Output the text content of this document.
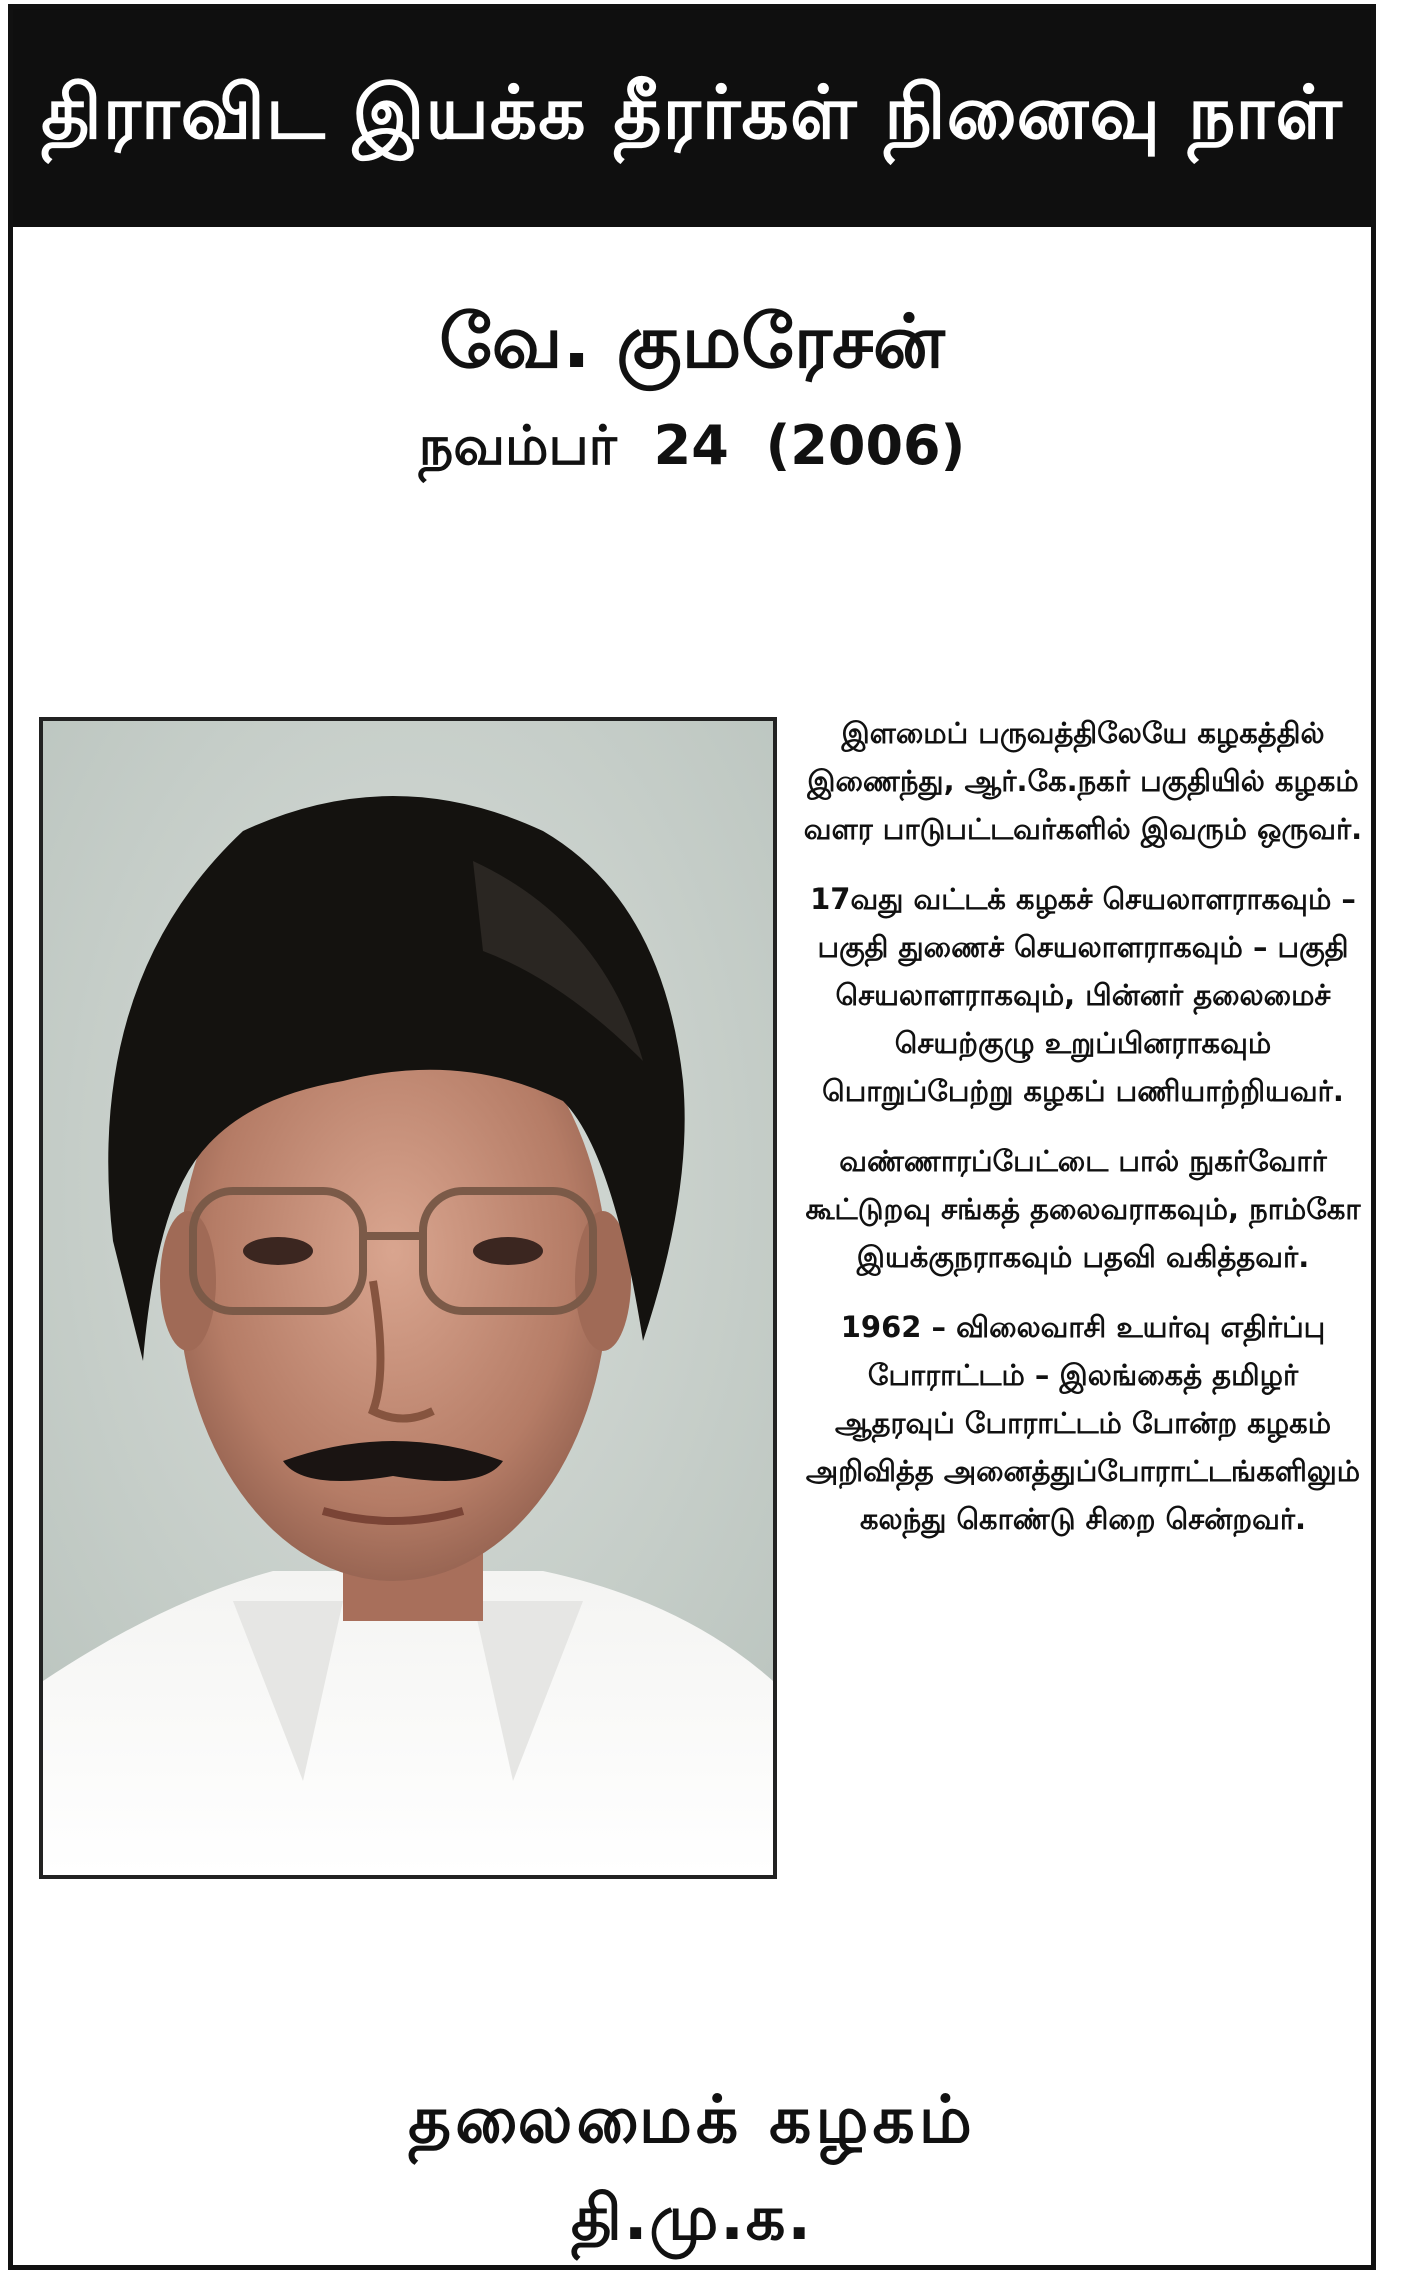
திராவிட இயக்க தீரர்கள் நினைவு நாள்
வே. குமரேசன்
நவம்பர் 24 (2006)

இளமைப் பருவத்திலேயே கழகத்தில் இணைந்து, ஆர்.கே.நகர் பகுதியில் கழகம் வளர பாடுபட்டவர்களில் இவரும் ஒருவர்.

17வது வட்டக் கழகச் செயலாளராகவும் – பகுதி துணைச் செயலாளராகவும் – பகுதி செயலாளராகவும், பின்னர் தலைமைச் செயற்குழு உறுப்பினராகவும் பொறுப்பேற்று கழகப் பணியாற்றியவர்.

வண்ணாரப்பேட்டை பால் நுகர்வோர் கூட்டுறவு சங்கத் தலைவராகவும், நாம்கோ இயக்குநராகவும் பதவி வகித்தவர்.

1962 – விலைவாசி உயர்வு எதிர்ப்பு போராட்டம் – இலங்கைத் தமிழர் ஆதரவுப் போராட்டம் போன்ற கழகம் அறிவித்த அனைத்துப்போராட்டங்களிலும் கலந்து கொண்டு சிறை சென்றவர்.

தலைமைக் கழகம்
தி.மு.க.
